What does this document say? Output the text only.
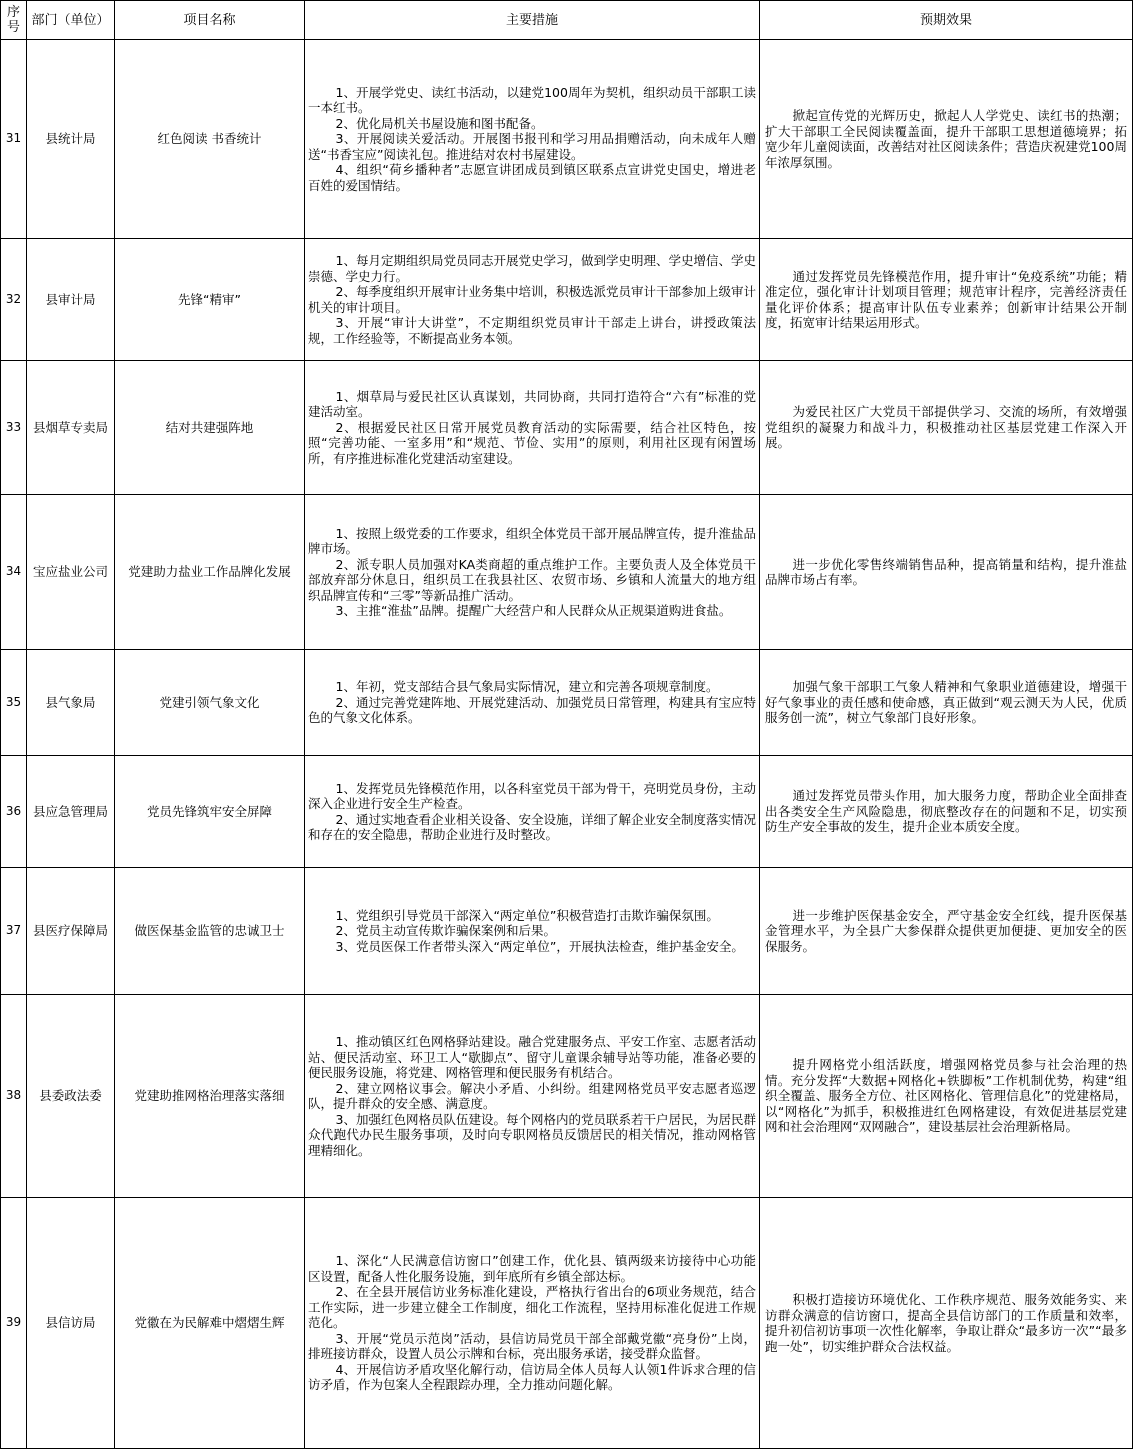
序号	部门（单位）	项目名称	主要措施	预期效果
31	县统计局	红色阅读 书香统计	1、开展学党史、读红书活动，以建党100周年为契机，组织动员干部职工读一本红书。

2、优化局机关书屋设施和图书配备。

3、开展阅读关爱活动。开展图书报刊和学习用品捐赠活动，向未成年人赠送“书香宝应”阅读礼包。推进结对农村书屋建设。

4、组织“荷乡播种者”志愿宣讲团成员到镇区联系点宣讲党史国史，增进老百姓的爱国情结。	掀起宣传党的光辉历史，掀起人人学党史、读红书的热潮；扩大干部职工全民阅读覆盖面，提升干部职工思想道德境界；拓宽少年儿童阅读面，改善结对社区阅读条件；营造庆祝建党100周年浓厚氛围。

32	县审计局	先锋“精审”	1、每月定期组织局党员同志开展党史学习，做到学史明理、学史增信、学史崇德、学史力行。

2、每季度组织开展审计业务集中培训，积极选派党员审计干部参加上级审计机关的审计项目。

3、开展“审计大讲堂”，不定期组织党员审计干部走上讲台，讲授政策法规，工作经验等，不断提高业务本领。	通过发挥党员先锋模范作用，提升审计“免疫系统”功能；精准定位，强化审计计划项目管理；规范审计程序，完善经济责任量化评价体系；提高审计队伍专业素养；创新审计结果公开制度，拓宽审计结果运用形式。

33	县烟草专卖局	结对共建强阵地	1、烟草局与爱民社区认真谋划，共同协商，共同打造符合“六有”标准的党建活动室。

2、根据爱民社区日常开展党员教育活动的实际需要，结合社区特色，按照“完善功能、一室多用”和“规范、节俭、实用”的原则，利用社区现有闲置场所，有序推进标准化党建活动室建设。	为爱民社区广大党员干部提供学习、交流的场所，有效增强党组织的凝聚力和战斗力，积极推动社区基层党建工作深入开展。

34	宝应盐业公司	党建助力盐业工作品牌化发展	1、按照上级党委的工作要求，组织全体党员干部开展品牌宣传，提升淮盐品牌市场。

2、派专职人员加强对KA类商超的重点维护工作。主要负责人及全体党员干部放弃部分休息日，组织员工在我县社区、农贸市场、乡镇和人流量大的地方组织品牌宣传和“三零”等新品推广活动。

3、主推“淮盐”品牌。提醒广大经营户和人民群众从正规渠道购进食盐。	进一步优化零售终端销售品种，提高销量和结构，提升淮盐品牌市场占有率。

35	县气象局	党建引领气象文化	1、年初，党支部结合县气象局实际情况，建立和完善各项规章制度。

2、通过完善党建阵地、开展党建活动、加强党员日常管理，构建具有宝应特色的气象文化体系。	加强气象干部职工气象人精神和气象职业道德建设，增强干好气象事业的责任感和使命感，真正做到“观云测天为人民，优质服务创一流”，树立气象部门良好形象。

36	县应急管理局	党员先锋筑牢安全屏障	1、发挥党员先锋模范作用，以各科室党员干部为骨干，亮明党员身份，主动深入企业进行安全生产检查。

2、通过实地查看企业相关设备、安全设施，详细了解企业安全制度落实情况和存在的安全隐患，帮助企业进行及时整改。	通过发挥党员带头作用，加大服务力度，帮助企业全面排查出各类安全生产风险隐患，彻底整改存在的问题和不足，切实预防生产安全事故的发生，提升企业本质安全度。

37	县医疗保障局	做医保基金监管的忠诚卫士	1、党组织引导党员干部深入“两定单位”积极营造打击欺诈骗保氛围。

2、党员主动宣传欺诈骗保案例和后果。

3、党员医保工作者带头深入“两定单位”，开展执法检查，维护基金安全。	进一步维护医保基金安全，严守基金安全红线，提升医保基金管理水平，为全县广大参保群众提供更加便捷、更加安全的医保服务。

38	县委政法委	党建助推网格治理落实落细	1、推动镇区红色网格驿站建设。融合党建服务点、平安工作室、志愿者活动站、便民活动室、环卫工人“歇脚点”、留守儿童课余辅导站等功能，准备必要的便民服务设施，将党建、网格管理和便民服务有机结合。

2、建立网格议事会。解决小矛盾、小纠纷。组建网格党员平安志愿者巡逻队，提升群众的安全感、满意度。

3、加强红色网格员队伍建设。每个网格内的党员联系若干户居民，为居民群众代跑代办民生服务事项，及时向专职网格员反馈居民的相关情况，推动网格管理精细化。	提升网格党小组活跃度，增强网格党员参与社会治理的热情。充分发挥“大数据+网格化+铁脚板”工作机制优势，构建“组织全覆盖、服务全方位、社区网格化、管理信息化”的党建格局，以“网格化”为抓手，积极推进红色网格建设，有效促进基层党建网和社会治理网“双网融合”，建设基层社会治理新格局。

39	县信访局	党徽在为民解难中熠熠生辉	1、深化“人民满意信访窗口”创建工作，优化县、镇两级来访接待中心功能区设置，配备人性化服务设施，到年底所有乡镇全部达标。

2、在全县开展信访业务标准化建设，严格执行省出台的6项业务规范，结合工作实际，进一步建立健全工作制度，细化工作流程，坚持用标准化促进工作规范化。

3、开展“党员示范岗”活动，县信访局党员干部全部戴党徽“亮身份”上岗，排班接访群众，设置人员公示牌和台标，亮出服务承诺，接受群众监督。

4、开展信访矛盾攻坚化解行动，信访局全体人员每人认领1件诉求合理的信访矛盾，作为包案人全程跟踪办理，全力推动问题化解。	积极打造接访环境优化、工作秩序规范、服务效能务实、来访群众满意的信访窗口，提高全县信访部门的工作质量和效率，提升初信初访事项一次性化解率，争取让群众“最多访一次”“最多跑一处”，切实维护群众合法权益。
